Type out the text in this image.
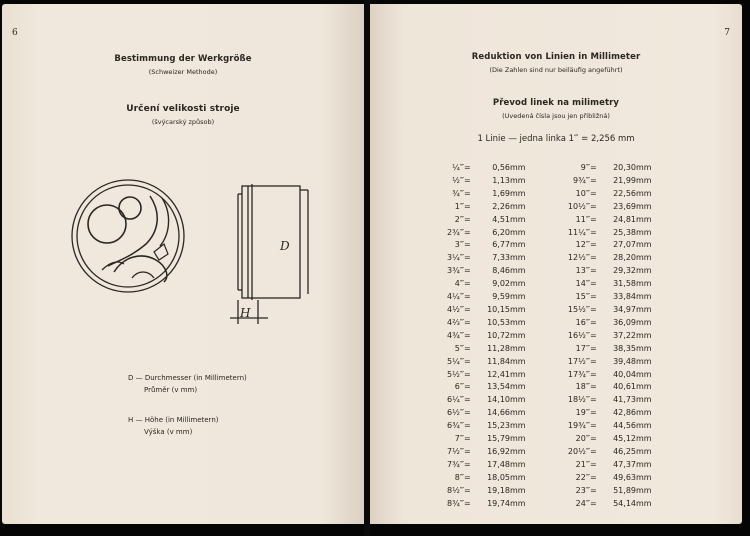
6
Bestimmung der Werkgröße
(Schweizer Methode)
Určení velikosti stroje
(švýcarský způsob)
D
H
D — Durchmesser (in Millimetern)
Průměr (v mm)
H — Höhe (in Millimetern)
Výška (v mm)
7
Reduktion von Linien in Millimeter
(Die Zahlen sind nur beiläufig angeführt)
Převod linek na milimetry
(Uvedená čísla jsou jen přibližná)
1 Linie — jedna linka 1‴ = 2,256 mm
¼‴	=	0,56	mm
½‴	=	1,13	mm
¾‴	=	1,69	mm
1‴	=	2,26	mm
2‴	=	4,51	mm
2¾‴	=	6,20	mm
3‴	=	6,77	mm
3¼‴	=	7,33	mm
3¾‴	=	8,46	mm
4‴	=	9,02	mm
4¼‴	=	9,59	mm
4½‴	=	10,15	mm
4⅔‴	=	10,53	mm
4¾‴	=	10,72	mm
5‴	=	11,28	mm
5¼‴	=	11,84	mm
5½‴	=	12,41	mm
6‴	=	13,54	mm
6¼‴	=	14,10	mm
6½‴	=	14,66	mm
6¾‴	=	15,23	mm
7‴	=	15,79	mm
7½‴	=	16,92	mm
7¾‴	=	17,48	mm
8‴	=	18,05	mm
8½‴	=	19,18	mm
8¾‴	=	19,74	mm
9‴	=	20,30	mm
9¾‴	=	21,99	mm
10‴	=	22,56	mm
10½‴	=	23,69	mm
11‴	=	24,81	mm
11¼‴	=	25,38	mm
12‴	=	27,07	mm
12½‴	=	28,20	mm
13‴	=	29,32	mm
14‴	=	31,58	mm
15‴	=	33,84	mm
15½‴	=	34,97	mm
16‴	=	36,09	mm
16½‴	=	37,22	mm
17‴	=	38,35	mm
17½‴	=	39,48	mm
17¾‴	=	40,04	mm
18‴	=	40,61	mm
18½‴	=	41,73	mm
19‴	=	42,86	mm
19¾‴	=	44,56	mm
20‴	=	45,12	mm
20½‴	=	46,25	mm
21‴	=	47,37	mm
22‴	=	49,63	mm
23‴	=	51,89	mm
24‴	=	54,14	mm
